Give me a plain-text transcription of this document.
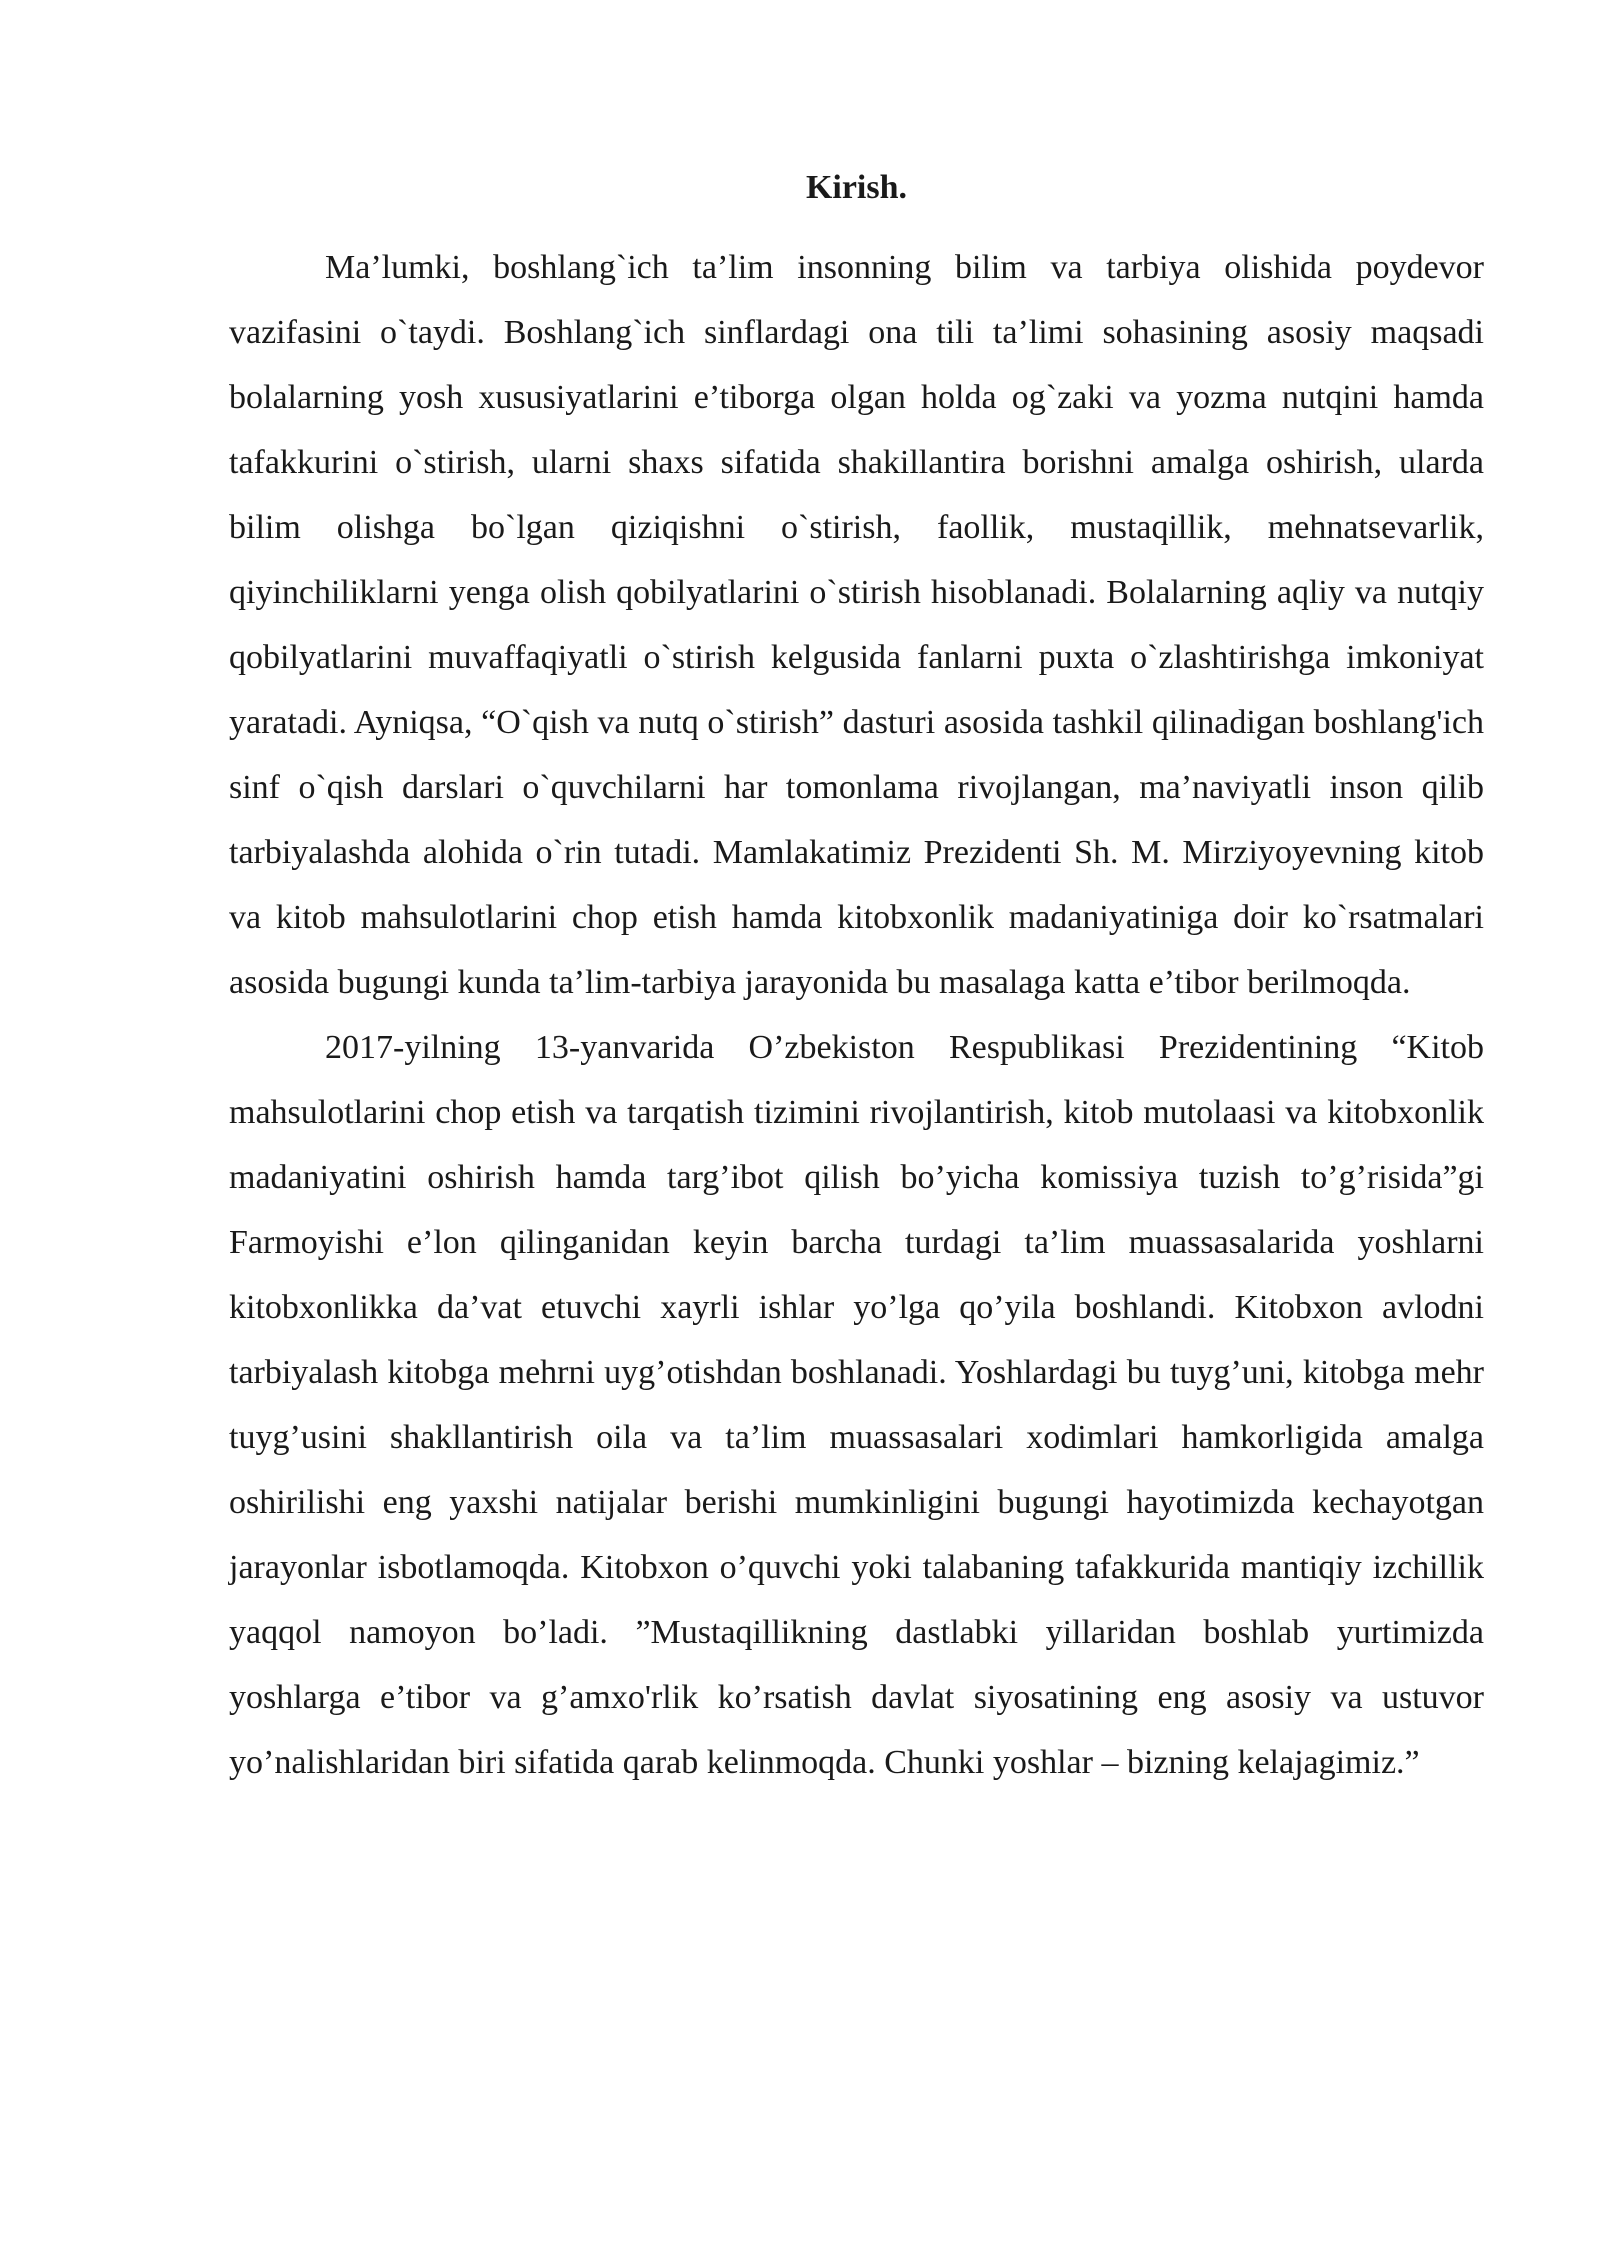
Kirish.

Ma’lumki, boshlang`ich ta’lim insonning bilim va tarbiya olishida poydevor vazifasini o`taydi. Boshlang`ich sinflardagi ona tili ta’limi sohasining asosiy maqsadi bolalarning yosh xususiyatlarini e’tiborga olgan holda og`zaki va yozma nutqini hamda tafakkurini o`stirish, ularni shaxs sifatida shakillantira borishni amalga oshirish, ularda bilim olishga bo`lgan qiziqishni o`stirish, faollik, mustaqillik, mehnatsevarlik, qiyinchiliklarni yenga olish qobilyatlarini o`stirish hisoblanadi. Bolalarning aqliy va nutqiy qobilyatlarini muvaffaqiyatli o`stirish kelgusida fanlarni puxta o`zlashtirishga imkoniyat yaratadi. Ayniqsa, “O`qish va nutq o`stirish” dasturi asosida tashkil qilinadigan boshlang'ich sinf o`qish darslari o`quvchilarni har tomonlama rivojlangan, ma’naviyatli inson qilib tarbiyalashda alohida o`rin tutadi. Mamlakatimiz Prezidenti Sh. M. Mirziyoyevning kitob va kitob mahsulotlarini chop etish hamda kitobxonlik madaniyatiniga doir ko`rsatmalari asosida bugungi kunda ta’lim-tarbiya jarayonida bu masalaga katta e’tibor berilmoqda.

2017-yilning 13-yanvarida O’zbekiston Respublikasi Prezidentining “Kitob mahsulotlarini chop etish va tarqatish tizimini rivojlantirish, kitob mutolaasi va kitobxonlik madaniyatini oshirish hamda targ’ibot qilish bo’yicha komissiya tuzish to’g’risida”gi Farmoyishi e’lon qilinganidan keyin barcha turdagi ta’lim muassasalarida yoshlarni kitobxonlikka da’vat etuvchi xayrli ishlar yo’lga qo’yila boshlandi. Kitobxon avlodni tarbiyalash kitobga mehrni uyg’otishdan boshlanadi. Yoshlardagi bu tuyg’uni, kitobga mehr tuyg’usini shakllantirish oila va ta’lim muassasalari xodimlari hamkorligida amalga oshirilishi eng yaxshi natijalar berishi mumkinligini bugungi hayotimizda kechayotgan jarayonlar isbotlamoqda. Kitobxon o’quvchi yoki talabaning tafakkurida mantiqiy izchillik yaqqol namoyon bo’ladi. ”Mustaqillikning dastlabki yillaridan boshlab yurtimizda yoshlarga e’tibor va g’amxo'rlik ko’rsatish davlat siyosatining eng asosiy va ustuvor yo’nalishlaridan biri sifatida qarab kelinmoqda. Chunki yoshlar – bizning kelajagimiz.”
